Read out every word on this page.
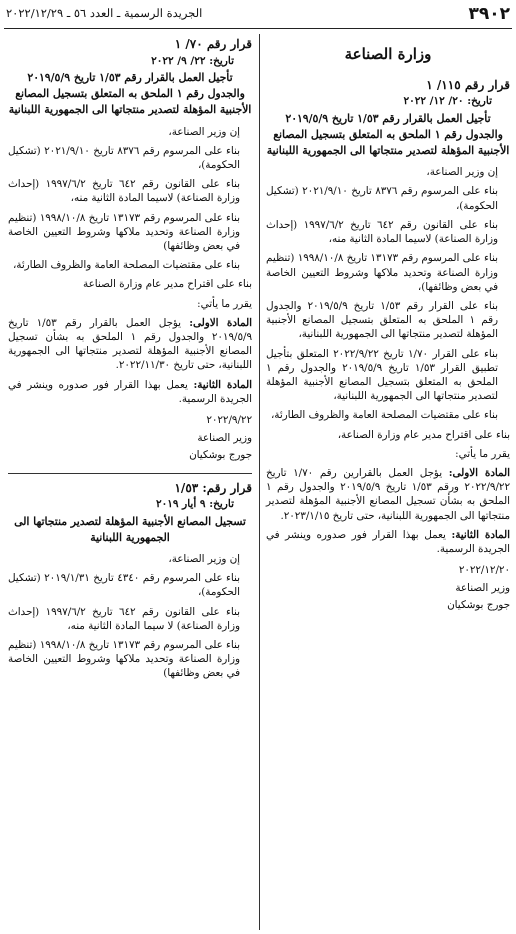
٣٩٠٢
الجريدة الرسمية ـ العدد ٥٦ ـ ٢٠٢٢/١٢/٢٩
وزارة الصناعة
قرار رقم ١١٥/ ١
تاريخ: ٢٠/ ١٢/ ٢٠٢٢
تأجيل العمل بالقرار رقم ١/٥٣ تاريخ ٢٠١٩/٥/٩ والجدول رقم ١ الملحق به المتعلق بتسجيل المصانع الأجنبية المؤهلة لتصدير منتجاتها الى الجمهورية اللبنانية

إن وزير الصناعة،

بناء على المرسوم رقم ٨٣٧٦ تاريخ ٢٠٢١/٩/١٠ (تشكيل الحكومة)،

بناء على القانون رقم ٦٤٢ تاريخ ١٩٩٧/٦/٢ (إحداث وزارة الصناعة) لاسيما المادة الثانية منه،

بناء على المرسوم رقم ١٣١٧٣ تاريخ ١٩٩٨/١٠/٨ (تنظيم وزارة الصناعة وتحديد ملاكها وشروط التعيين الخاصة في بعض وظائفها)،

بناء على القرار رقم ١/٥٣ تاريخ ٢٠١٩/٥/٩ والجدول رقم ١ الملحق به المتعلق بتسجيل المصانع الأجنبية المؤهلة لتصدير منتجاتها الى الجمهورية اللبنانية،

بناء على القرار ١/٧٠ تاريخ ٢٠٢٢/٩/٢٢ المتعلق بتأجيل تطبيق القرار ١/٥٣ تاريخ ٢٠١٩/٥/٩ والجدول رقم ١ الملحق به المتعلق بتسجيل المصانع الأجنبية المؤهلة لتصدير منتجاتها الى الجمهورية اللبنانية،

بناء على مقتضيات المصلحة العامة والظروف الطارئة،

بناء على اقتراح مدير عام وزارة الصناعة،

يقرر ما يأتي:

المادة الاولى: يؤجل العمل بالقرارين رقم ١/٧٠ تاريخ ٢٠٢٢/٩/٢٢ ورقم ١/٥٣ تاريخ ٢٠١٩/٥/٩ والجدول رقم ١ الملحق به بشأن تسجيل المصانع الأجنبية المؤهلة لتصدير منتجاتها الى الجمهورية اللبنانية، حتى تاريخ ٢٠٢٣/١/١٥.

المادة الثانية: يعمل بهذا القرار فور صدوره وينشر في الجريدة الرسمية.

٢٠٢٢/١٢/٢٠
وزير الصناعة
جورج بوشكيان
قرار رقم ٧٠/ ١
تاريخ: ٢٢/ ٩/ ٢٠٢٢
تأجيل العمل بالقرار رقم ١/٥٣ تاريخ ٢٠١٩/٥/٩ والجدول رقم ١ الملحق به المتعلق بتسجيل المصانع الأجنبية المؤهلة لتصدير منتجاتها الى الجمهورية اللبنانية

إن وزير الصناعة،

بناء على المرسوم رقم ٨٣٧٦ تاريخ ٢٠٢١/٩/١٠ (تشكيل الحكومة)،

بناء على القانون رقم ٦٤٢ تاريخ ١٩٩٧/٦/٢ (إحداث وزارة الصناعة) لاسيما المادة الثانية منه،

بناء على المرسوم رقم ١٣١٧٣ تاريخ ١٩٩٨/١٠/٨ (تنظيم وزارة الصناعة وتحديد ملاكها وشروط التعيين الخاصة في بعض وظائفها)

بناء على مقتضيات المصلحة العامة والظروف الطارئة،

بناء على اقتراح مدير عام وزارة الصناعة

يقرر ما يأتي:

المادة الاولى: يؤجل العمل بالقرار رقم ١/٥٣ تاريخ ٢٠١٩/٥/٩ والجدول رقم ١ الملحق به بشأن تسجيل المصانع الأجنبية المؤهلة لتصدير منتجاتها الى الجمهورية اللبنانية، حتى تاريخ ٢٠٢٢/١١/٣٠.

المادة الثانية: يعمل بهذا القرار فور صدوره وينشر في الجريدة الرسمية.

٢٠٢٢/٩/٢٢
وزير الصناعة
جورج بوشكيان
قرار رقم: ١/٥٣
تاريخ: ٩ أيار ٢٠١٩
تسجيل المصانع الأجنبية المؤهلة لتصدير منتجاتها الى الجمهورية اللبنانية

إن وزير الصناعة،

بناء على المرسوم رقم ٤٣٤٠ تاريخ ٢٠١٩/١/٣١ (تشكيل الحكومة)،

بناء على القانون رقم ٦٤٢ تاريخ ١٩٩٧/٦/٢ (إحداث وزارة الصناعة) لا سيما المادة الثانية منه،

بناء على المرسوم رقم ١٣١٧٣ تاريخ ١٩٩٨/١٠/٨ (تنظيم وزارة الصناعة وتحديد ملاكها وشروط التعيين الخاصة في بعض وظائفها)
